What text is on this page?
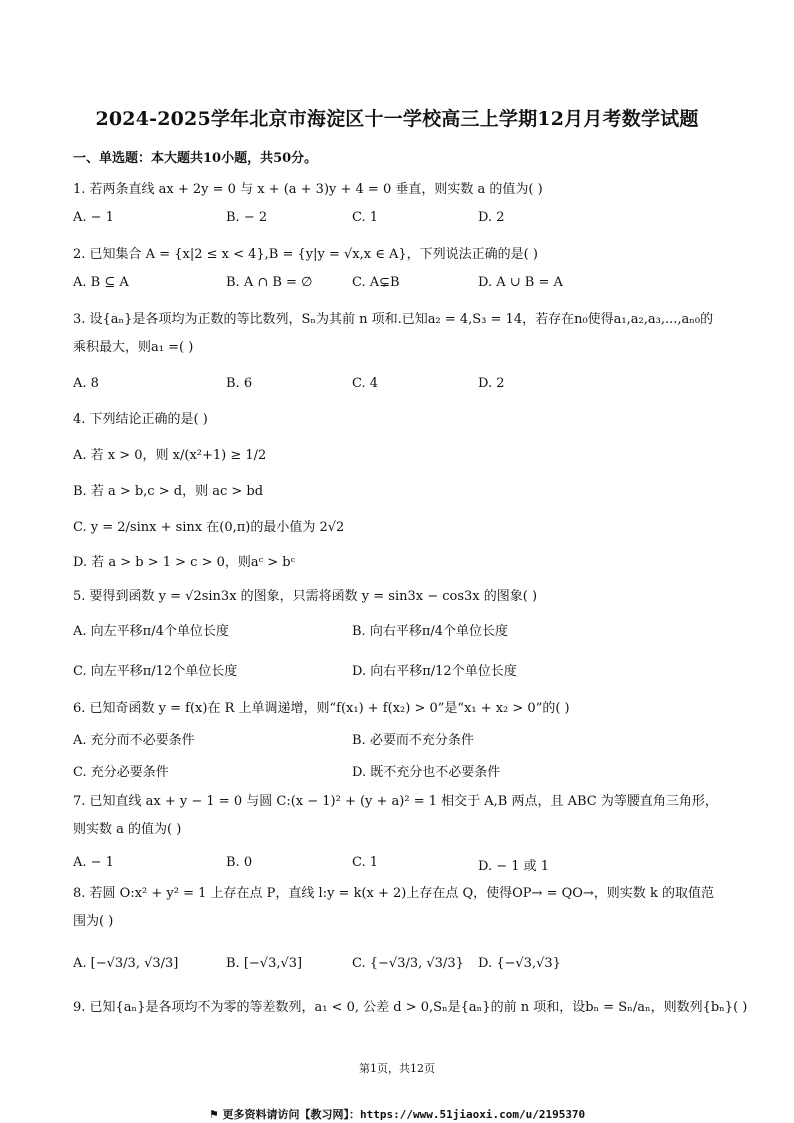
2024-2025学年北京市海淀区十一学校高三上学期12月月考数学试题
一、单选题：本大题共10小题，共50分。
1. 若两条直线 ax + 2y = 0 与 x + (a + 3)y + 4 = 0 垂直，则实数 a 的值为( )
A. − 1	B. − 2	C. 1	D. 2
2. 已知集合 A = {x|2 ≤ x < 4},B = {y|y = √x,x ∈ A}，下列说法正确的是( )
A. B ⊆ A	B. A ∩ B = ∅	C. A⊊B	D. A ∪ B = A
3. 设{aₙ}是各项均为正数的等比数列，Sₙ为其前 n 项和.已知a₂ = 4,S₃ = 14，若存在n₀使得a₁,a₂,a₃,...,aₙ₀的乘积最大，则a₁ =( )
A. 8	B. 6	C. 4	D. 2
4. 下列结论正确的是( )
A. 若 x > 0，则 x/(x²+1) ≥ 1/2
B. 若 a > b,c > d，则 ac > bd
C. y = 2/sinx + sinx 在(0,π)的最小值为 2√2
D. 若 a > b > 1 > c > 0，则aᶜ > bᶜ
5. 要得到函数 y = √2sin3x 的图象，只需将函数 y = sin3x − cos3x 的图象( )
A. 向左平移π/4个单位长度	B. 向右平移π/4个单位长度
C. 向左平移π/12个单位长度	D. 向右平移π/12个单位长度
6. 已知奇函数 y = f(x)在 R 上单调递增，则“f(x₁) + f(x₂) > 0”是“x₁ + x₂ > 0”的( )
A. 充分而不必要条件	B. 必要而不充分条件
C. 充分必要条件	D. 既不充分也不必要条件
7. 已知直线 ax + y − 1 = 0 与圆 C:(x − 1)² + (y + a)² = 1 相交于 A,B 两点，且 ABC 为等腰直角三角形，则实数 a 的值为( )
A. − 1	B. 0	C. 1	D. − 1 或 1
8. 若圆 O:x² + y² = 1 上存在点 P，直线 l:y = k(x + 2)上存在点 Q，使得OP→ = QO→，则实数 k 的取值范围为( )
A. [−√3/3, √3/3]	B. [−√3,√3]	C. {−√3/3, √3/3} D. {−√3,√3}
9. 已知{aₙ}是各项均不为零的等差数列，a₁ < 0, 公差 d > 0,Sₙ是{aₙ}的前 n 项和，设bₙ = Sₙ/aₙ，则数列{bₙ}( )
第1页，共12页
⚑ 更多资料请访问【教习网】：https://www.51jiaoxi.com/u/2195370
